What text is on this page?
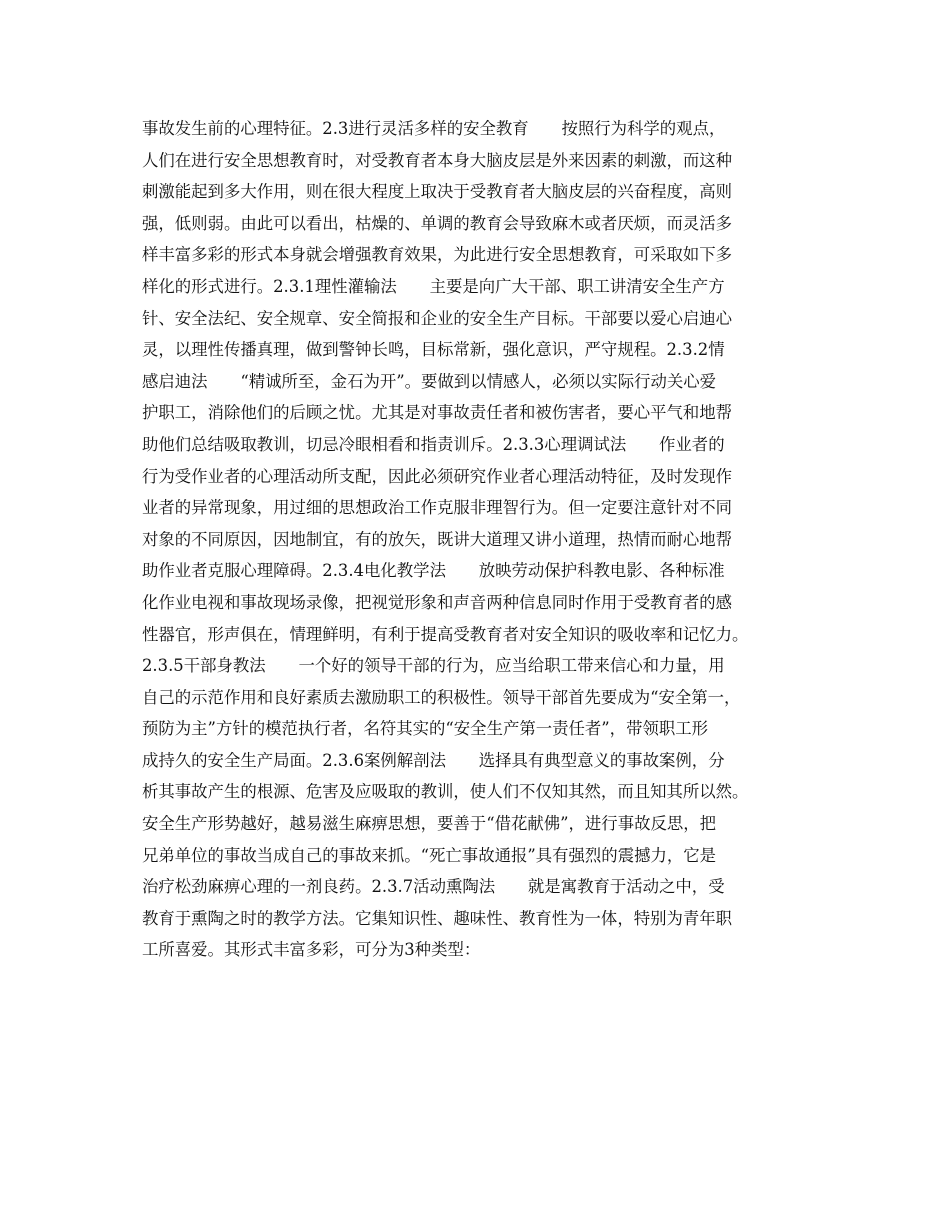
事故发生前的心理特征。2.3进行灵活多样的安全教育　　按照行为科学的观点，
人们在进行安全思想教育时，对受教育者本身大脑皮层是外来因素的刺激，而这种
刺激能起到多大作用，则在很大程度上取决于受教育者大脑皮层的兴奋程度，高则
强，低则弱。由此可以看出，枯燥的、单调的教育会导致麻木或者厌烦，而灵活多
样丰富多彩的形式本身就会增强教育效果，为此进行安全思想教育，可采取如下多
样化的形式进行。2.3.1理性灌输法　　主要是向广大干部、职工讲清安全生产方
针、安全法纪、安全规章、安全简报和企业的安全生产目标。干部要以爱心启迪心
灵，以理性传播真理，做到警钟长鸣，目标常新，强化意识，严守规程。2.3.2情
感启迪法　　“精诚所至，金石为开”。要做到以情感人，必须以实际行动关心爱
护职工，消除他们的后顾之忧。尤其是对事故责任者和被伤害者，要心平气和地帮
助他们总结吸取教训，切忌冷眼相看和指责训斥。2.3.3心理调试法　　作业者的
行为受作业者的心理活动所支配，因此必须研究作业者心理活动特征，及时发现作
业者的异常现象，用过细的思想政治工作克服非理智行为。但一定要注意针对不同
对象的不同原因，因地制宜，有的放矢，既讲大道理又讲小道理，热情而耐心地帮
助作业者克服心理障碍。2.3.4电化教学法　　放映劳动保护科教电影、各种标准
化作业电视和事故现场录像，把视觉形象和声音两种信息同时作用于受教育者的感
性器官，形声俱在，情理鲜明，有利于提高受教育者对安全知识的吸收率和记忆力。
2.3.5干部身教法　　一个好的领导干部的行为，应当给职工带来信心和力量，用
自己的示范作用和良好素质去激励职工的积极性。领导干部首先要成为“安全第一，
预防为主”方针的模范执行者，名符其实的“安全生产第一责任者”，带领职工形
成持久的安全生产局面。2.3.6案例解剖法　　选择具有典型意义的事故案例，分
析其事故产生的根源、危害及应吸取的教训，使人们不仅知其然，而且知其所以然。
安全生产形势越好，越易滋生麻痹思想，要善于“借花献佛”，进行事故反思，把
兄弟单位的事故当成自己的事故来抓。“死亡事故通报”具有强烈的震撼力，它是
治疗松劲麻痹心理的一剂良药。2.3.7活动熏陶法　　就是寓教育于活动之中，受
教育于熏陶之时的教学方法。它集知识性、趣味性、教育性为一体，特别为青年职
工所喜爱。其形式丰富多彩，可分为3种类型：
